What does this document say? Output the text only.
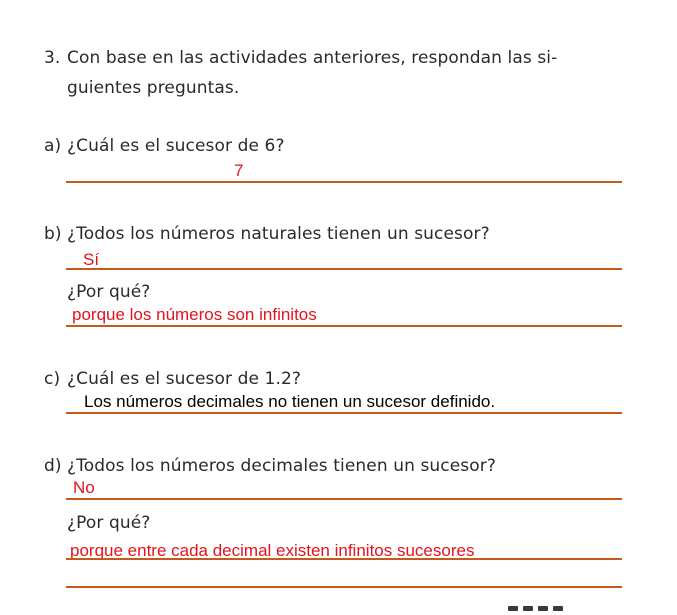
3. Con base en las actividades anteriores, respondan las si-
guientes preguntas.
a) ¿Cuál es el sucesor de 6?
7
b) ¿Todos los números naturales tienen un sucesor?
Sí
¿Por qué?
porque los números son infinitos
c) ¿Cuál es el sucesor de 1.2?
Los números decimales no tienen un sucesor definido.
d) ¿Todos los números decimales tienen un sucesor?
No
¿Por qué?
porque entre cada decimal existen infinitos sucesores
